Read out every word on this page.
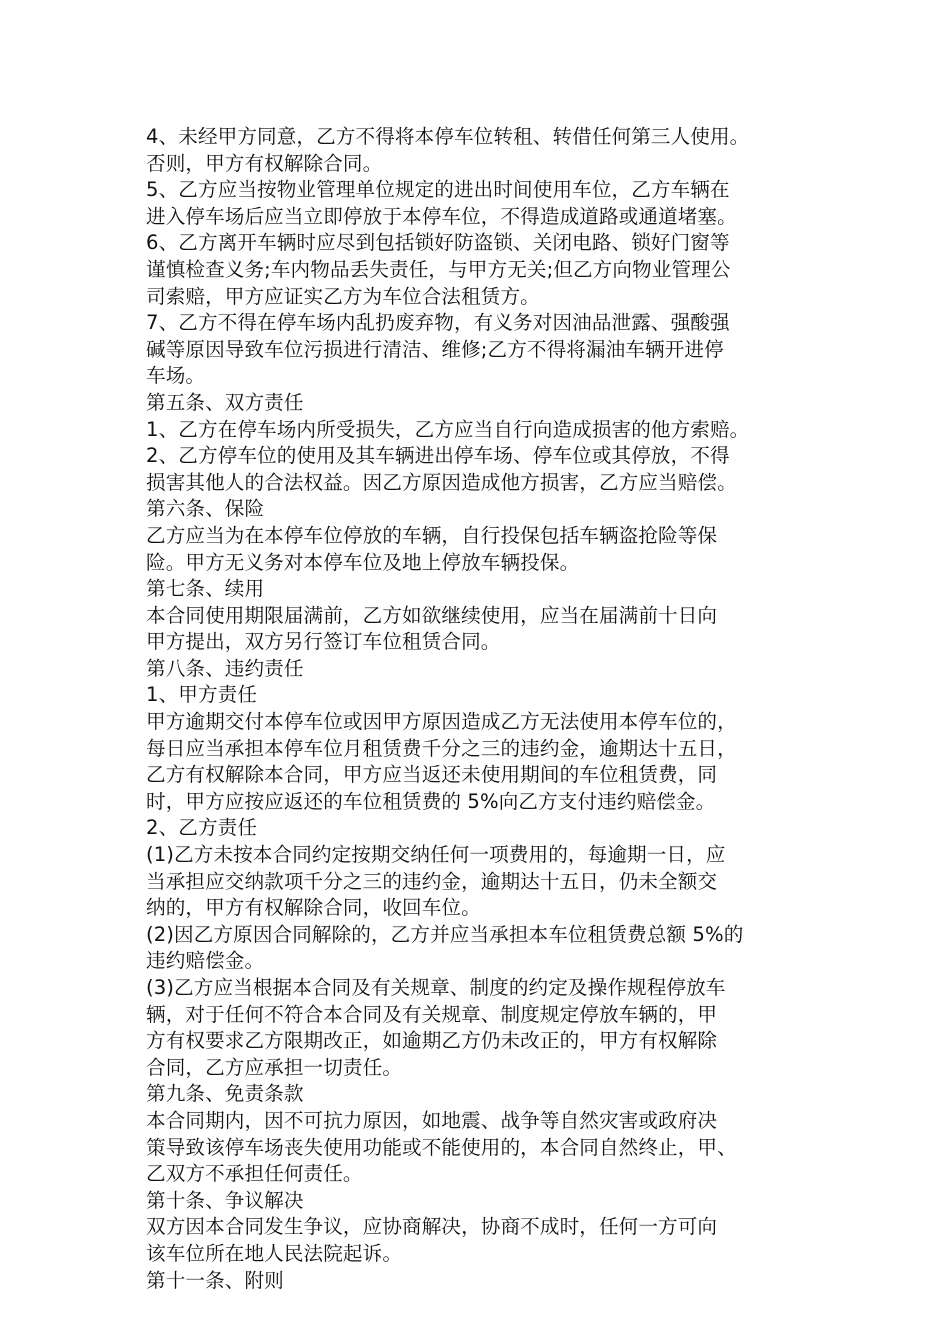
4、未经甲方同意，乙方不得将本停车位转租、转借任何第三人使用。
否则，甲方有权解除合同。
5、乙方应当按物业管理单位规定的进出时间使用车位，乙方车辆在
进入停车场后应当立即停放于本停车位，不得造成道路或通道堵塞。
6、乙方离开车辆时应尽到包括锁好防盗锁、关闭电路、锁好门窗等
谨慎检查义务;车内物品丢失责任，与甲方无关;但乙方向物业管理公
司索赔，甲方应证实乙方为车位合法租赁方。
7、乙方不得在停车场内乱扔废弃物，有义务对因油品泄露、强酸强
碱等原因导致车位污损进行清洁、维修;乙方不得将漏油车辆开进停
车场。
第五条、双方责任
1、乙方在停车场内所受损失，乙方应当自行向造成损害的他方索赔。
2、乙方停车位的使用及其车辆进出停车场、停车位或其停放，不得
损害其他人的合法权益。因乙方原因造成他方损害，乙方应当赔偿。
第六条、保险
乙方应当为在本停车位停放的车辆，自行投保包括车辆盗抢险等保
险。甲方无义务对本停车位及地上停放车辆投保。
第七条、续用
本合同使用期限届满前，乙方如欲继续使用，应当在届满前十日向
甲方提出，双方另行签订车位租赁合同。
第八条、违约责任
1、甲方责任
甲方逾期交付本停车位或因甲方原因造成乙方无法使用本停车位的，
每日应当承担本停车位月租赁费千分之三的违约金，逾期达十五日，
乙方有权解除本合同，甲方应当返还未使用期间的车位租赁费，同
时，甲方应按应返还的车位租赁费的 5%向乙方支付违约赔偿金。
2、乙方责任
(1)乙方未按本合同约定按期交纳任何一项费用的，每逾期一日，应
当承担应交纳款项千分之三的违约金，逾期达十五日，仍未全额交
纳的，甲方有权解除合同，收回车位。
(2)因乙方原因合同解除的，乙方并应当承担本车位租赁费总额 5%的
违约赔偿金。
(3)乙方应当根据本合同及有关规章、制度的约定及操作规程停放车
辆，对于任何不符合本合同及有关规章、制度规定停放车辆的，甲
方有权要求乙方限期改正，如逾期乙方仍未改正的，甲方有权解除
合同，乙方应承担一切责任。
第九条、免责条款
本合同期内，因不可抗力原因，如地震、战争等自然灾害或政府决
策导致该停车场丧失使用功能或不能使用的，本合同自然终止，甲、
乙双方不承担任何责任。
第十条、争议解决
双方因本合同发生争议，应协商解决，协商不成时，任何一方可向
该车位所在地人民法院起诉。
第十一条、附则
